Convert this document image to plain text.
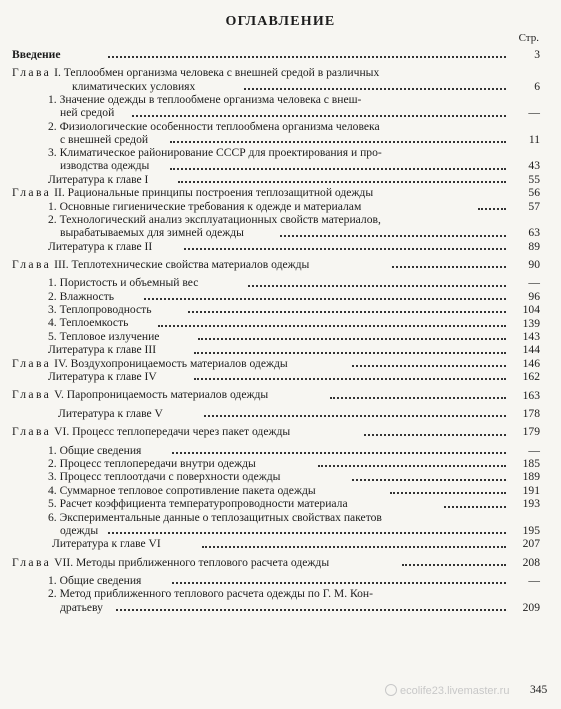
ОГЛАВЛЕНИЕ
Стр.
Введение	3
Глава I. Теплообмен организма человека с внешней средой в различных
климатических условиях	6
1. Значение одежды в теплообмене организма человека с внеш-
ней средой	—
2. Физиологические особенности теплообмена организма человека
с внешней средой	11
3. Климатическое районирование СССР для проектирования и про-
изводства одежды	43
Литература к главе I	55
Глава II. Рациональные принципы построения теплозащитной одежды	56
1. Основные гигиенические требования к одежде и материалам	57
2. Технологический анализ эксплуатационных свойств материалов,
вырабатываемых для зимней одежды	63
Литература к главе II	89
Глава III. Теплотехнические свойства материалов одежды	90
1. Пористость и объемный вес	—
2. Влажность	96
3. Теплопроводность	104
4. Теплоемкость	139
5. Тепловое излучение	143
Литература к главе III	144
Глава IV. Воздухопроницаемость материалов одежды	146
Литература к главе IV	162
Глава V. Паропроницаемость материалов одежды	163
Литература к главе V	178
Глава VI. Процесс теплопередачи через пакет одежды	179
1. Общие сведения	—
2. Процесс теплопередачи внутри одежды	185
3. Процесс теплоотдачи с поверхности одежды	189
4. Суммарное тепловое сопротивление пакета одежды	191
5. Расчет коэффициента температуропроводности материала	193
6. Экспериментальные данные о теплозащитных свойствах пакетов
одежды	195
Литература к главе VI	207
Глава VII. Методы приближенного теплового расчета одежды	208
1. Общие сведения	—
2. Метод приближенного теплового расчета одежды по Г. М. Кон-
дратьеву	209
345
ecolife23.livemaster.ru
